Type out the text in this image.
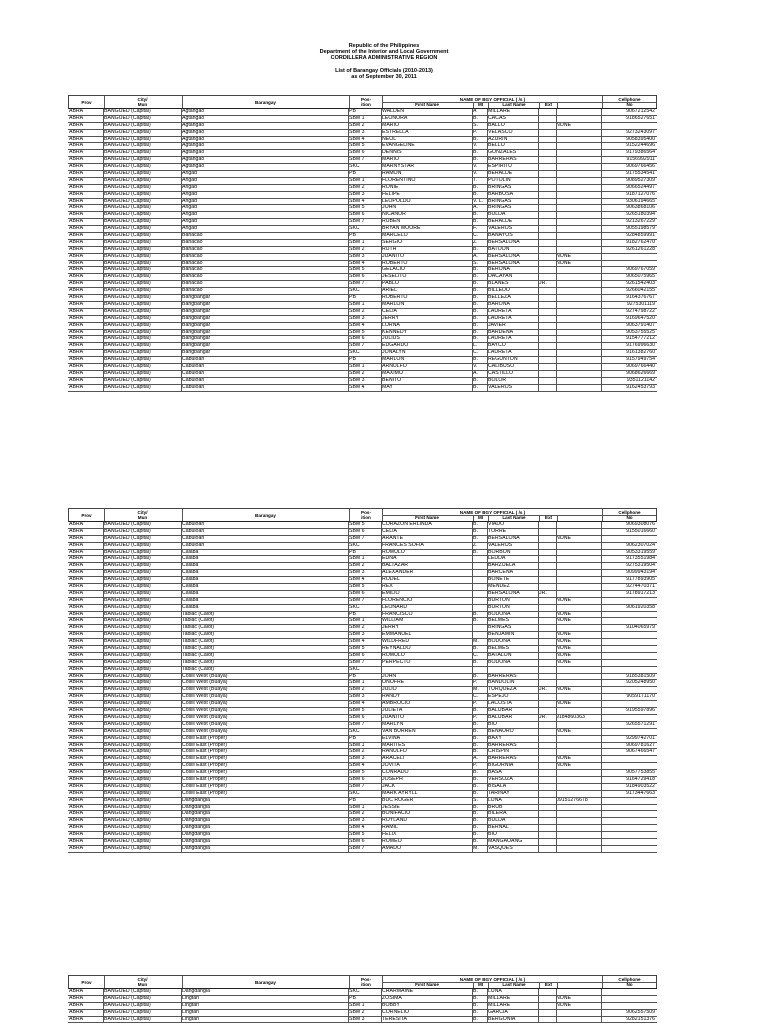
Republic of the Philippines
Department of the Interior and Local Government
CORDILLERA ADMINISTRATIVE REGION
List of Barangay Officials (2010-2013)
as of September 30, 2011
Prov
City/
Mun
Barangay
Pos-
ition
NAME OF BGY OFFICIAL ( /s )
First Name	MI	Last Name	Ext
Cellphone
No
ABRA	BANGUED (Capital)	Agtangao	PB	WALDEN	A	MILLARE	9067212542
ABRA	BANGUED (Capital)	Agtangao	SBM 1	LEONORA	B.	CACAS	9186527651
ABRA	BANGUED (Capital)	Agtangao	SBM 2	MARIO	S.	BALLO	NONE
ABRA	BANGUED (Capital)	Agtangao	SBM 3	ESTRELLA	P.	VELASCO	9273243097
ABRA	BANGUED (Capital)	Agtangao	SBM 4	NEOL	B.	AZURIN	9058395400
ABRA	BANGUED (Capital)	Agtangao	SBM 5	EVANGELINE	V.	BELLO	9152244696
ABRA	BANGUED (Capital)	Agtangao	SBM 6	DENNIS	B.	GONZALES	9179386564
ABRA	BANGUED (Capital)	Agtangao	SBM 7	MARIO	B.	BARRERAS	9156992911
ABRA	BANGUED (Capital)	Agtangao	SKC	MARNYSTAR	V.	ESPIRITU	9069766456
ABRA	BANGUED (Capital)	Angad	PB	RAMON	V.	BERALDE	9175534541
ABRA	BANGUED (Capital)	Angad	SBM 1	FLORENTINO	T.	POTOLIN	9089527309
ABRA	BANGUED (Capital)	Angad	SBM 2	RONIE	B.	BRINGAS	9066524497
ABRA	BANGUED (Capital)	Angad	SBM 3	FELIPE	B.	BARBOSA	9187127076
ABRA	BANGUED (Capital)	Angad	SBM 4	LEOPOLDO	V. L. BRINGAS	9306194665
ABRA	BANGUED (Capital)	Angad	SBM 5	JOHN	A.	BRINGAS	9063868106
ABRA	BANGUED (Capital)	Angad	SBM 6	NICANOR	B.	BULDA	9265180394
ABRA	BANGUED (Capital)	Angad	SBM 7	RUBEN	B.	BERALDE	9213267229
ABRA	BANGUED (Capital)	Angad	SKC	BRYAN MOORE	F.	VALEROS	9055198579
ABRA	BANGUED (Capital)	Bañacao	PB	MARCELO	C.	BANAYOS	9284859991
ABRA	BANGUED (Capital)	Bañacao	SBM 1	SERGIO	Z.	BERSALONA	9182762470
ABRA	BANGUED (Capital)	Bañacao	SBM 2	RUTH	B.	BATOON	9261261228
ABRA	BANGUED (Capital)	Bañacao	SBM 3	JUANITO	A.	BERSALONA	NONE
ABRA	BANGUED (Capital)	Bañacao	SBM 4	ROBERTO	S.	BERSALONA	NONE
ABRA	BANGUED (Capital)	Bañacao	SBM 5	GELACIO	B.	BERONA	9069767059
ABRA	BANGUED (Capital)	Bañacao	SBM 6	JESELITO	B.	DACAYAN	9065075965
ABRA	BANGUED (Capital)	Bañacao	SBM 7	PABLO	B.	BLANES	JR.	9261542403
ABRA	BANGUED (Capital)	Bañacao	SKC	ARIEL	B.	BILLEDO	9266042155
ABRA	BANGUED (Capital)	Bangbangar	PB	ROBERTO	B.	BELLEZA	9164376767
ABRA	BANGUED (Capital)	Bangbangar	SBM 1	MARLON	B.	BARONA	9275301119
ABRA	BANGUED (Capital)	Bangbangar	SBM 2	CELIA	B.	LAURETA	9274798722
ABRA	BANGUED (Capital)	Bangbangar	SBM 3	JERRY	B.	LAURETA	9169647520
ABRA	BANGUED (Capital)	Bangbangar	SBM 4	LORNA	B.	JAVIER	9063791407
ABRA	BANGUED (Capital)	Bangbangar	SBM 5	KENNEDY	B.	BARDENA	9053755525
ABRA	BANGUED (Capital)	Bangbangar	SBM 6	JULIUS	B.	LAURETA	9154777212
ABRA	BANGUED (Capital)	Bangbangar	SBM 7	EDGARDO	L.	BAYCO	9176996630
ABRA	BANGUED (Capital)	Bangbangar	SKC	JONALYN	C.	LAURETA	9161382760
ABRA	BANGUED (Capital)	Cabuloan	PB	MARLON	B.	REGUNTON	9157949754
ABRA	BANGUED (Capital)	Cabuloan	SBM 1	ARNULFO	V.	CALIBUSO	9069766440
ABRA	BANGUED (Capital)	Cabuloan	SBM 2	MAXIMO	A.	CASTILLO	9068626669
ABRA	BANGUED (Capital)	Cabuloan	SBM 3	BENITO	B.	BOLOR	9351121142
ABRA	BANGUED (Capital)	Cabuloan	SBM 4	MAY	B.	VALEROS	9162453793
Prov
City/
Mun
Barangay
Pos-
ition
NAME OF BGY OFFICIAL ( /s )
First Name	MI	Last Name	Ext
Cellphone
No
ABRA	BANGUED (Capital)	Cabuloan	SBM 5	CORAZON ERLINDA	B.	VIADO	9069308076
ABRA	BANGUED (Capital)	Cabuloan	SBM 6	CELIA	B.	TORRE	9155016660
ABRA	BANGUED (Capital)	Cabuloan	SBM 7	ARANTE	B.	BERSALONA	NONE
ABRA	BANGUED (Capital)	Cabuloan	SKC	FRANCES SOFIA	Z.	VALEROS	9062307024
ABRA	BANGUED (Capital)	Calaba	PB	ROMULO	B.	BORBON	9053319559
ABRA	BANGUED (Capital)	Calaba	SBM 1	EDNA	LEDDA	9173551984
ABRA	BANGUED (Capital)	Calaba	SBM 2	BALTAZAR	BARZUELA	9275319504
ABRA	BANGUED (Capital)	Calaba	SBM 3	ALEXANDER	BARCENA	9099943194
ABRA	BANGUED (Capital)	Calaba	SBM 4	RODEL	BONETE	9177893905
ABRA	BANGUED (Capital)	Calaba	SBM 5	REX	MENDEZ	9274470371
ABRA	BANGUED (Capital)	Calaba	SBM 6	EMILIO	BERSALONA	JR.	9178917213
ABRA	BANGUED (Capital)	Calaba	SBM 7	FLORENCIO	BURTON	NONE
ABRA	BANGUED (Capital)	Calaba	SKC	LEONARD	BURTON	9061920358
ABRA	BANGUED (Capital)	Tablac (Calot)	PB	FRANCISCO	B.	BODONA	NONE
ABRA	BANGUED (Capital)	Tablac (Calot)	SBM 1	WILLIAM	B.	BELMES	NONE
ABRA	BANGUED (Capital)	Tablac (Calot)	SBM 2	JERRY	BRINGAS	9104065979
ABRA	BANGUED (Capital)	Tablac (Calot)	SBM 3	EMMANUEL	BENJAMIN	NONE
ABRA	BANGUED (Capital)	Tablac (Calot)	SBM 4	WILDFRED	M.	BODONA	NONE
ABRA	BANGUED (Capital)	Tablac (Calot)	SBM 5	REYNALDO	B.	BELMES	NONE
ABRA	BANGUED (Capital)	Tablac (Calot)	SBM 6	ROMULO	C.	BATALON	NONE
ABRA	BANGUED (Capital)	Tablac (Calot)	SBM 7	PERPECTO	B.	BODONA	NONE
ABRA	BANGUED (Capital)	Tablac (Calot)	SKC
ABRA	BANGUED (Capital)	Cosili West (Buaya)	PB	JOHN	B.	BARRERAS	9185381509
ABRA	BANGUED (Capital)	Cosili West (Buaya)	SBM 1	ONOFRE	P.	BANDOLIN	9205248950
ABRA	BANGUED (Capital)	Cosili West (Buaya)	SBM 2	JULIO	M.	TURQUEZA	JR.	NONE
ABRA	BANGUED (Capital)	Cosili West (Buaya)	SBM 3	RANDY	C.	ESPEJO	9059171170
ABRA	BANGUED (Capital)	Cosili West (Buaya)	SBM 4	AMBROCIO	P.	LACOSTA	NONE
ABRA	BANGUED (Capital)	Cosili West (Buaya)	SBM 5	JULIETA	B.	BALUBAR	9195597896
ABRA	BANGUED (Capital)	Cosili West (Buaya)	SBM 6	JUANITO	P.	BALUBAR	JR.	9184860363
ABRA	BANGUED (Capital)	Cosili West (Buaya)	SBM 7	MARLYN	B.	BIO	9265571291
ABRA	BANGUED (Capital)	Cosili West (Buaya)	SKC	VAN BURREN	B.	BENAURO	NONE
ABRA	BANGUED (Capital)	Cosili East (Proper)	PB	ELVINA	B.	BAXY	9299742701
ABRA	BANGUED (Capital)	Cosili East (Proper)	SBM 1	MARITES	B.	BARRERAS	9069781627
ABRA	BANGUED (Capital)	Cosili East (Proper)	SBM 2	RANULFO	B.	CRISPIN	9067466547
ABRA	BANGUED (Capital)	Cosili East (Proper)	SBM 3	ARACELI	A.	BARRERAS	NONE
ABRA	BANGUED (Capital)	Cosili East (Proper)	SBM 4	JOVITA	P.	BIGORNIA	NONE
ABRA	BANGUED (Capital)	Cosili East (Proper)	SBM 5	CONRADO	B.	BASA	9057753855
ABRA	BANGUED (Capital)	Cosili East (Proper)	SBM 6	JOSEPH	B.	VERSOZA	9164729418
ABRA	BANGUED (Capital)	Cosili East (Proper)	SBM 7	JACK	B.	BISALA	9184903522
ABRA	BANGUED (Capital)	Cosili East (Proper)	SKC	MARK AYRYLL	B.	TARINAY	9173447663
ABRA	BANGUED (Capital)	Dangdangla	PB	BUC ROGER	S.	LUNA	09151276678
ABRA	BANGUED (Capital)	Dangdangla	SBM 1	JESSIE	B.	BRUB
ABRA	BANGUED (Capital)	Dangdangla	SBM 2	BONIFACIO	B.	BILERA
ABRA	BANGUED (Capital)	Dangdangla	SBM 3	ROYLAND	B.	BULDA
ABRA	BANGUED (Capital)	Dangdangla	SBM 4	RAMIL	B.	BERNAL
ABRA	BANGUED (Capital)	Dangdangla	SBM 5	FELIX	B.	BIO
ABRA	BANGUED (Capital)	Dangdangla	SBM 6	ROMEO	B.	MANGAOANG
ABRA	BANGUED (Capital)	Dangdangla	SBM 7	AMADO	M.	VASQUES
Prov
City/
Mun
Barangay
Pos-
ition
NAME OF BGY OFFICIAL ( /s )
First Name	MI	Last Name	Ext
Cellphone
No
ABRA	BANGUED (Capital)	Dangdangla	SKC	CHARMAINE	B.	LUNA
ABRA	BANGUED (Capital)	Lingtan	PB	ZOSIMA	B.	MILLARE	NONE
ABRA	BANGUED (Capital)	Lingtan	SBM 1	BOBBY	B.	MILLARE	NONE
ABRA	BANGUED (Capital)	Lingtan	SBM 2	CORNELIO	B.	GARCIA	9062557509
ABRA	BANGUED (Capital)	Lingtan	SBM 3	TERESITA	B.	BERGONIA	9282151376
